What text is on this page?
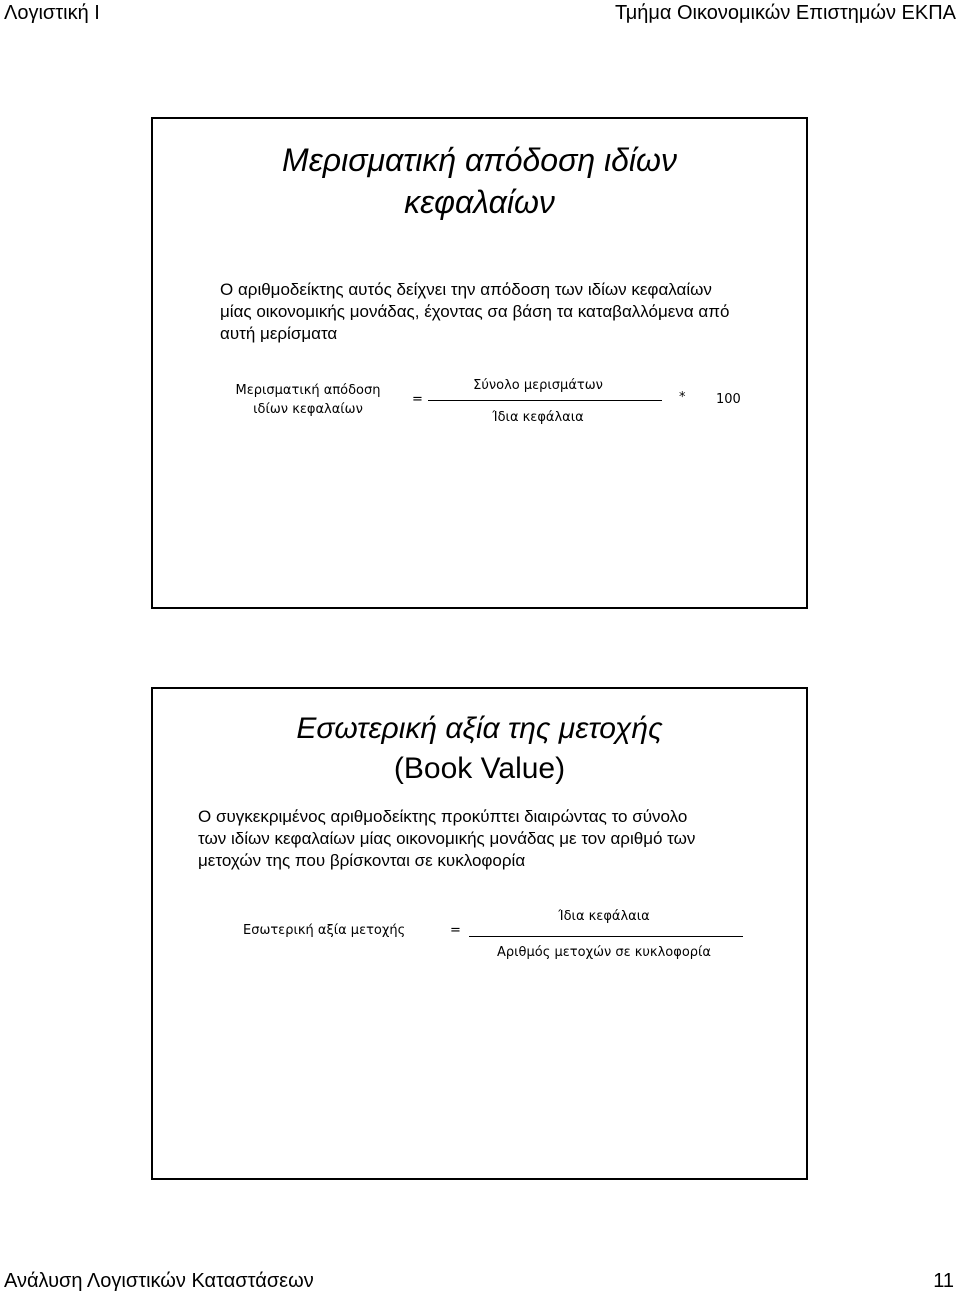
Λογιστική Ι	Τμήμα Οικονομικών Επιστημών ΕΚΠΑ
Μερισματική απόδοση ιδίων
κεφαλαίων
Ο αριθμοδείκτης αυτός δείχνει την απόδοση των ιδίων κεφαλαίων
μίας οικονομικής μονάδας, έχοντας σα βάση τα καταβαλλόμενα από
αυτή μερίσματα
Μερισματική απόδοση
ιδίων κεφαλαίων
=
Σύνολο μερισμάτων
Ίδια κεφάλαια
* 100
Εσωτερική αξία της μετοχής
(Book Value)
Ο συγκεκριμένος αριθμοδείκτης προκύπτει διαιρώντας το σύνολο
των ιδίων κεφαλαίων μίας οικονομικής μονάδας με τον αριθμό των
μετοχών της που βρίσκονται σε κυκλοφορία
Εσωτερική αξία μετοχής	=
Ίδια κεφάλαια
Αριθμός μετοχών σε κυκλοφορία
Ανάλυση Λογιστικών Καταστάσεων	11
